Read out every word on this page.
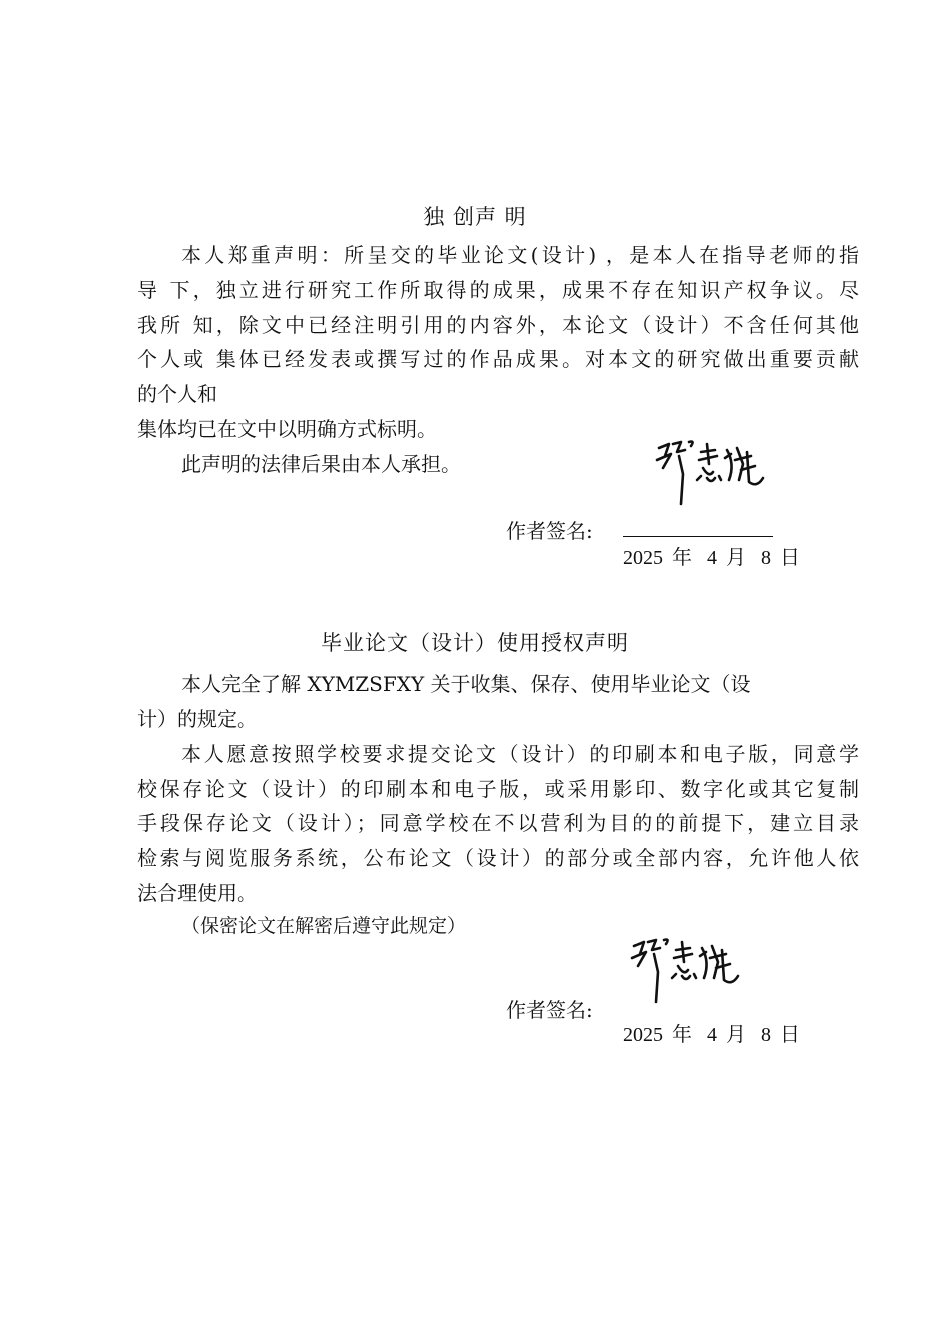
独 创声 明
本人郑重声明：所呈交的毕业论文(设计) ，是本人在指导老师的指
导 下，独立进行研究工作所取得的成果，成果不存在知识产权争议。尽
我所 知，除文中已经注明引用的内容外，本论文（设计）不含任何其他
个人或 集体已经发表或撰写过的作品成果。对本文的研究做出重要贡献
的个人和
集体均已在文中以明确方式标明。
此声明的法律后果由本人承担。
作者签名:
2025 年 4 月 8 日
毕业论文（设计）使用授权声明
本人完全了解 XYMZSFXY 关于收集、保存、使用毕业论文（设
计）的规定。
本人愿意按照学校要求提交论文（设计）的印刷本和电子版，同意学
校保存论文（设计）的印刷本和电子版，或采用影印、数字化或其它复制
手段保存论文（设计）；同意学校在不以营利为目的的前提下，建立目录
检索与阅览服务系统，公布论文（设计）的部分或全部内容，允许他人依
法合理使用。
（保密论文在解密后遵守此规定）
作者签名:
2025 年 4 月 8 日
